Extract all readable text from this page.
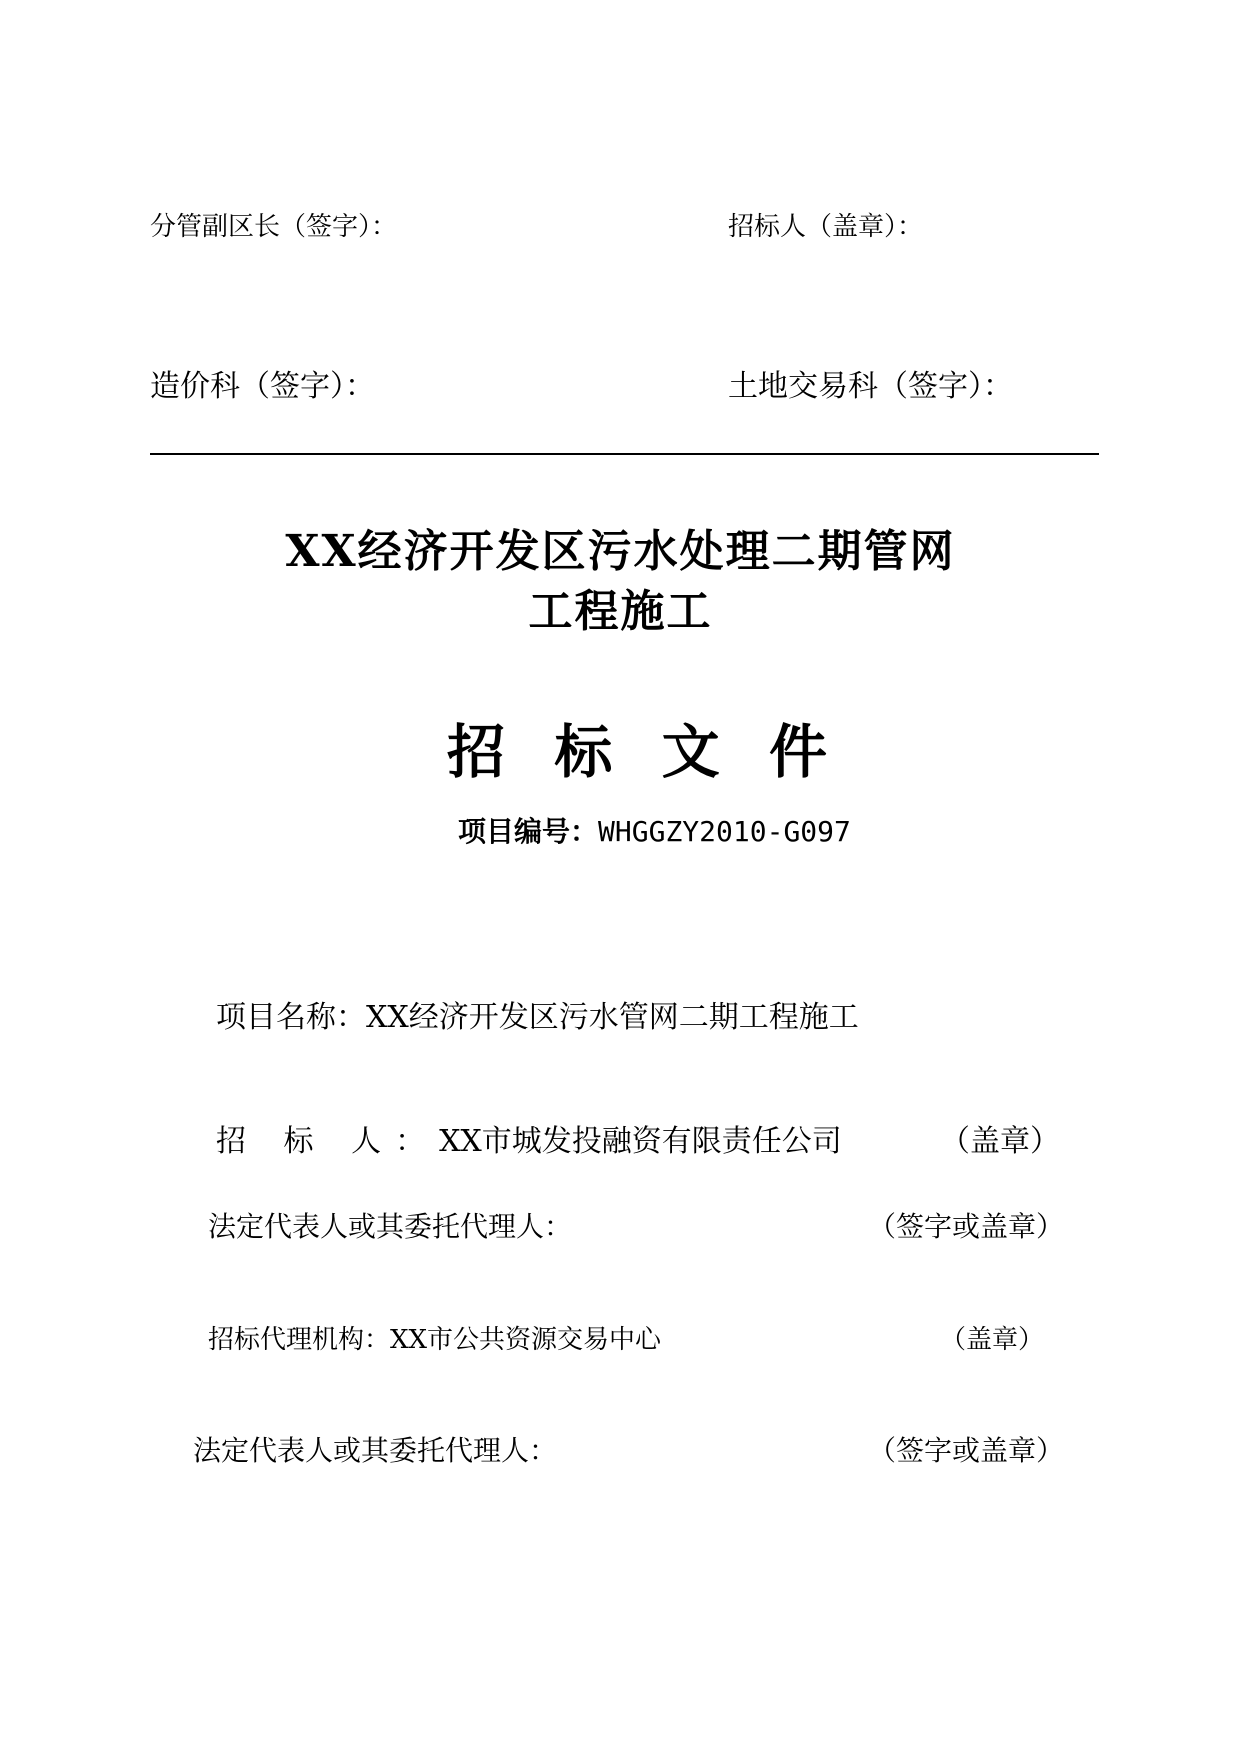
分管副区长（签字）：	招标人（盖章）：
造价科（签字）：	土地交易科（签字）：
XX经济开发区污水处理二期管网
工程施工
招 标 文 件
项目编号：WHGGZY2010-G097
项目名称：XX经济开发区污水管网二期工程施工
招 标 人：XX市城发投融资有限责任公司	（盖章）
法定代表人或其委托代理人：	（签字或盖章）
招标代理机构：XX市公共资源交易中心	（盖章）
法定代表人或其委托代理人：	（签字或盖章）
